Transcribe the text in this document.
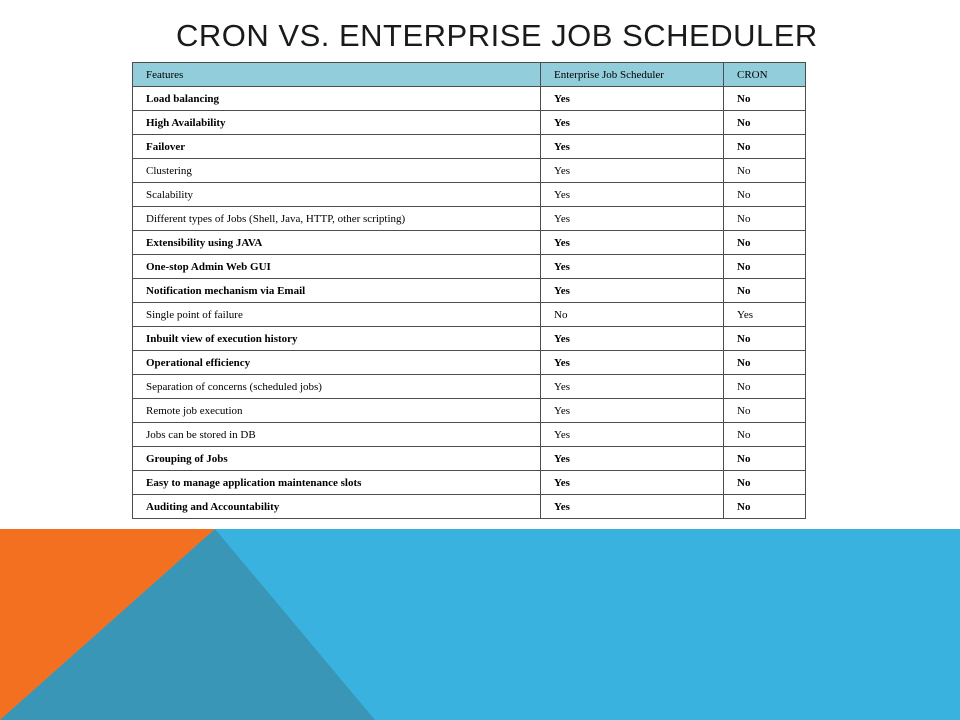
CRON VS. ENTERPRISE JOB SCHEDULER
Features	Enterprise Job Scheduler	CRON
Load balancing	Yes	No
High Availability	Yes	No
Failover	Yes	No
Clustering	Yes	No
Scalability	Yes	No
Different types of Jobs (Shell, Java, HTTP, other scripting)	Yes	No
Extensibility using JAVA	Yes	No
One-stop Admin Web GUI	Yes	No
Notification mechanism via Email	Yes	No
Single point of failure	No	Yes
Inbuilt view of execution history	Yes	No
Operational efficiency	Yes	No
Separation of concerns (scheduled jobs)	Yes	No
Remote job execution	Yes	No
Jobs can be stored in DB	Yes	No
Grouping of Jobs	Yes	No
Easy to manage application maintenance slots	Yes	No
Auditing and Accountability	Yes	No
